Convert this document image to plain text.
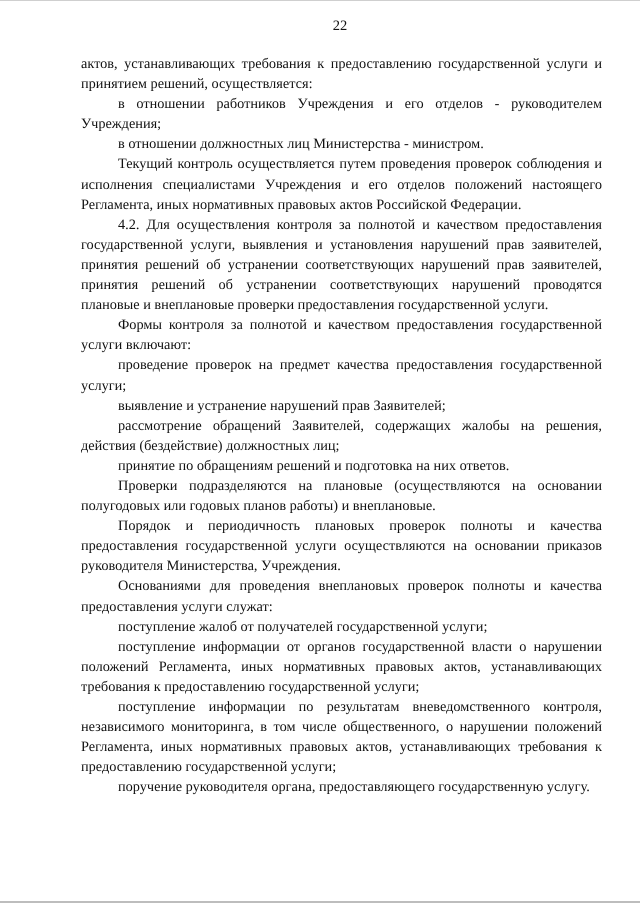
22

актов, устанавливающих требования к предоставлению государственной услуги и принятием решений, осуществляется:

в отношении работников Учреждения и его отделов - руководителем Учреждения;

в отношении должностных лиц Министерства - министром.

Текущий контроль осуществляется путем проведения проверок соблюдения и исполнения специалистами Учреждения и его отделов положений настоящего Регламента, иных нормативных правовых актов Российской Федерации.

4.2. Для осуществления контроля за полнотой и качеством предоставления государственной услуги, выявления и установления нарушений прав заявителей, принятия решений об устранении соответствующих нарушений прав заявителей, принятия решений об устранении соответствующих нарушений проводятся плановые и внеплановые проверки предоставления государственной услуги.

Формы контроля за полнотой и качеством предоставления государственной услуги включают:

проведение проверок на предмет качества предоставления государственной услуги;

выявление и устранение нарушений прав Заявителей;

рассмотрение обращений Заявителей, содержащих жалобы на решения, действия (бездействие) должностных лиц;

принятие по обращениям решений и подготовка на них ответов.

Проверки подразделяются на плановые (осуществляются на основании полугодовых или годовых планов работы) и внеплановые.

Порядок и периодичность плановых проверок полноты и качества предоставления государственной услуги осуществляются на основании приказов руководителя Министерства, Учреждения.

Основаниями для проведения внеплановых проверок полноты и качества предоставления услуги служат:

поступление жалоб от получателей государственной услуги;

поступление информации от органов государственной власти о нарушении положений Регламента, иных нормативных правовых актов, устанавливающих требования к предоставлению государственной услуги;

поступление информации по результатам вневедомственного контроля, независимого мониторинга, в том числе общественного, о нарушении положений Регламента, иных нормативных правовых актов, устанавливающих требования к предоставлению государственной услуги;

поручение руководителя органа, предоставляющего государственную услугу.
